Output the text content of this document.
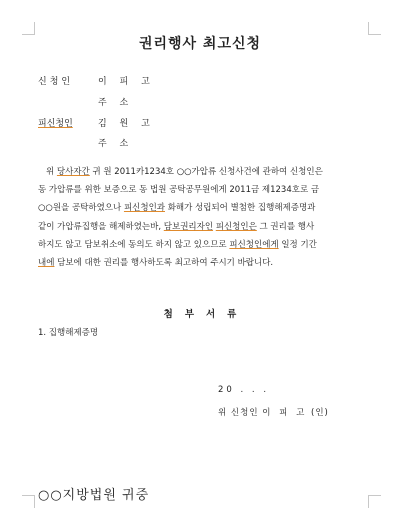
권리행사 최고신청
신청인	이 피 고
주 소
피신청인	김 원 고
주 소
위 당사자간 귀 원 2011카1234호 ○○가압류 신청사건에 관하여 신청인은
동 가압류를 위한 보증으로 동 법원 공탁공무원에게 2011금 제1234호로 금
○○원을 공탁하였으나 피신청인과 화해가 성립되어 별첨한 집행해제증명과
같이 가압류집행을 해제하였는바, 담보권리자인 피신청인은 그 권리를 행사
하지도 않고 담보취소에 동의도 하지 않고 있으므로 피신청인에게 일정 기간
내에 담보에 대한 권리를 행사하도록 최고하여 주시기 바랍니다.
첨부서류
1. 집행해제증명
20 . . .
위 신청인 이 피 고 (인)
○○지방법원 귀중
